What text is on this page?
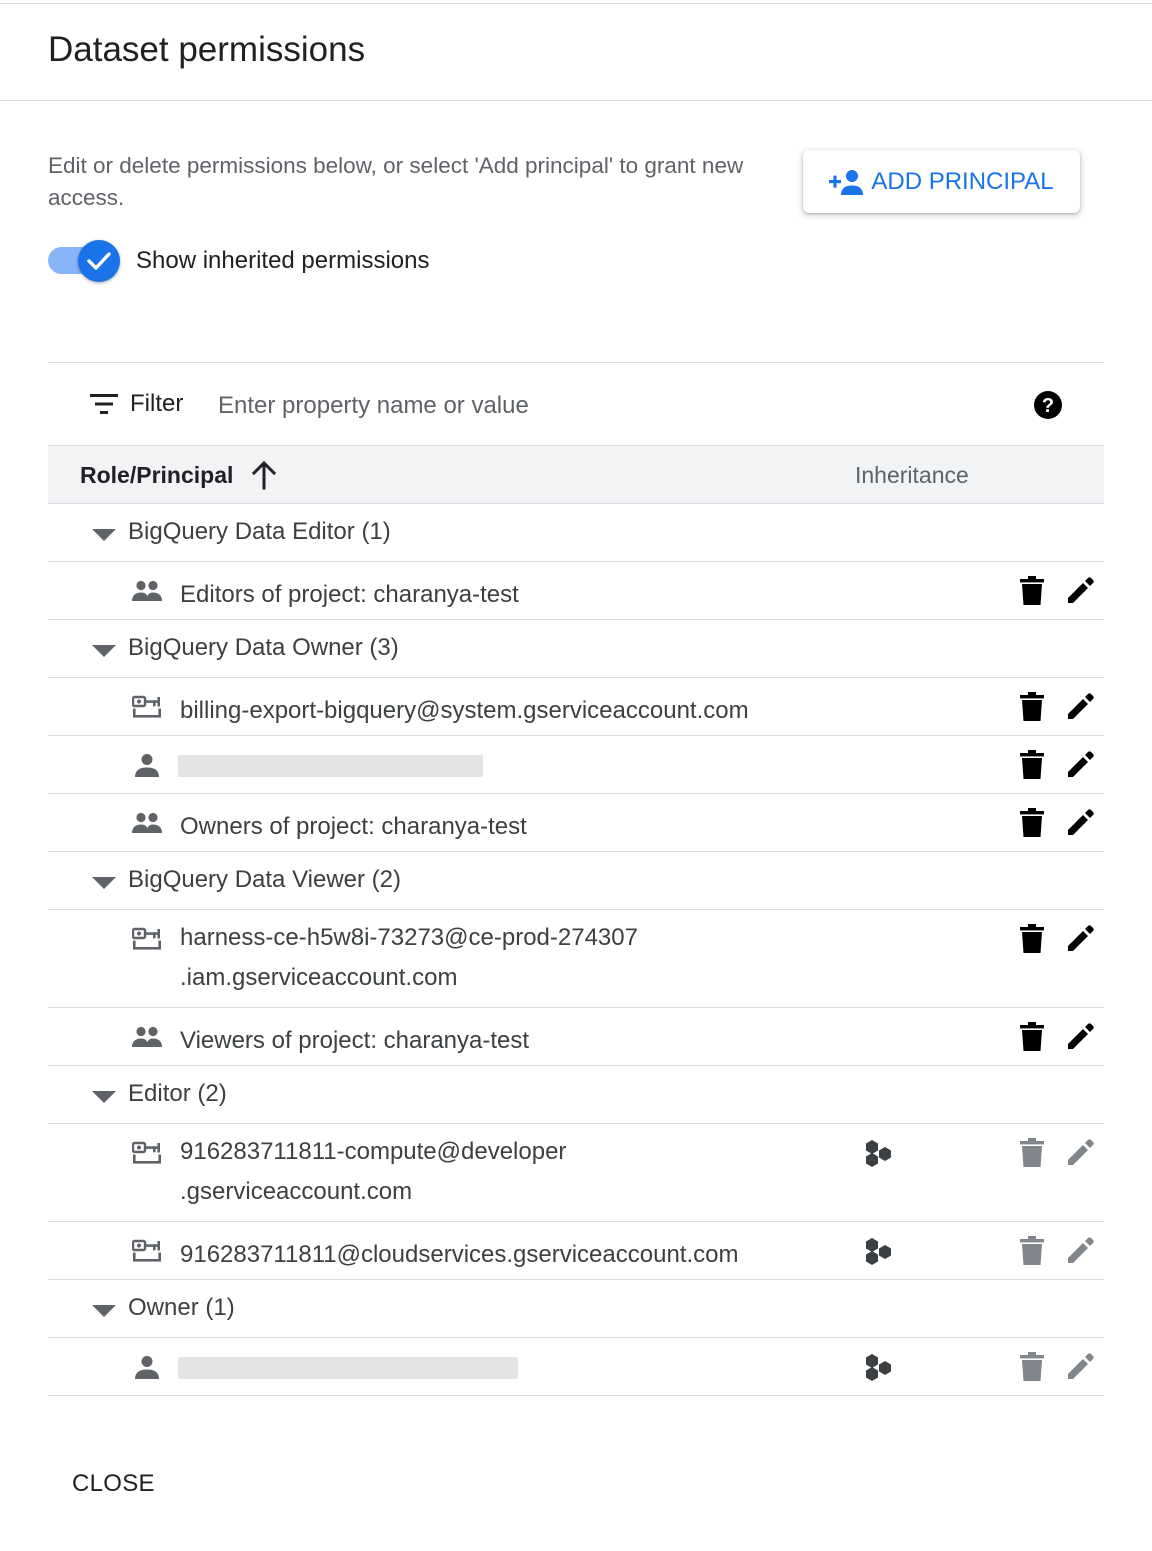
Dataset permissions
Edit or delete permissions below, or select 'Add principal' to grant new access.
ADD PRINCIPAL
Show inherited permissions
Filter
Enter property name or value	?
Role/Principal	Inheritance
BigQuery Data Editor (1)
Editors of project: charanya-test
BigQuery Data Owner (3)
billing-export-bigquery@system.gserviceaccount.com
Owners of project: charanya-test
BigQuery Data Viewer (2)
harness-ce-h5w8i-73273@ce-prod-274307
.iam.gserviceaccount.com
Viewers of project: charanya-test
Editor (2)
916283711811-compute@developer
.gserviceaccount.com
916283711811@cloudservices.gserviceaccount.com
Owner (1)
CLOSE
